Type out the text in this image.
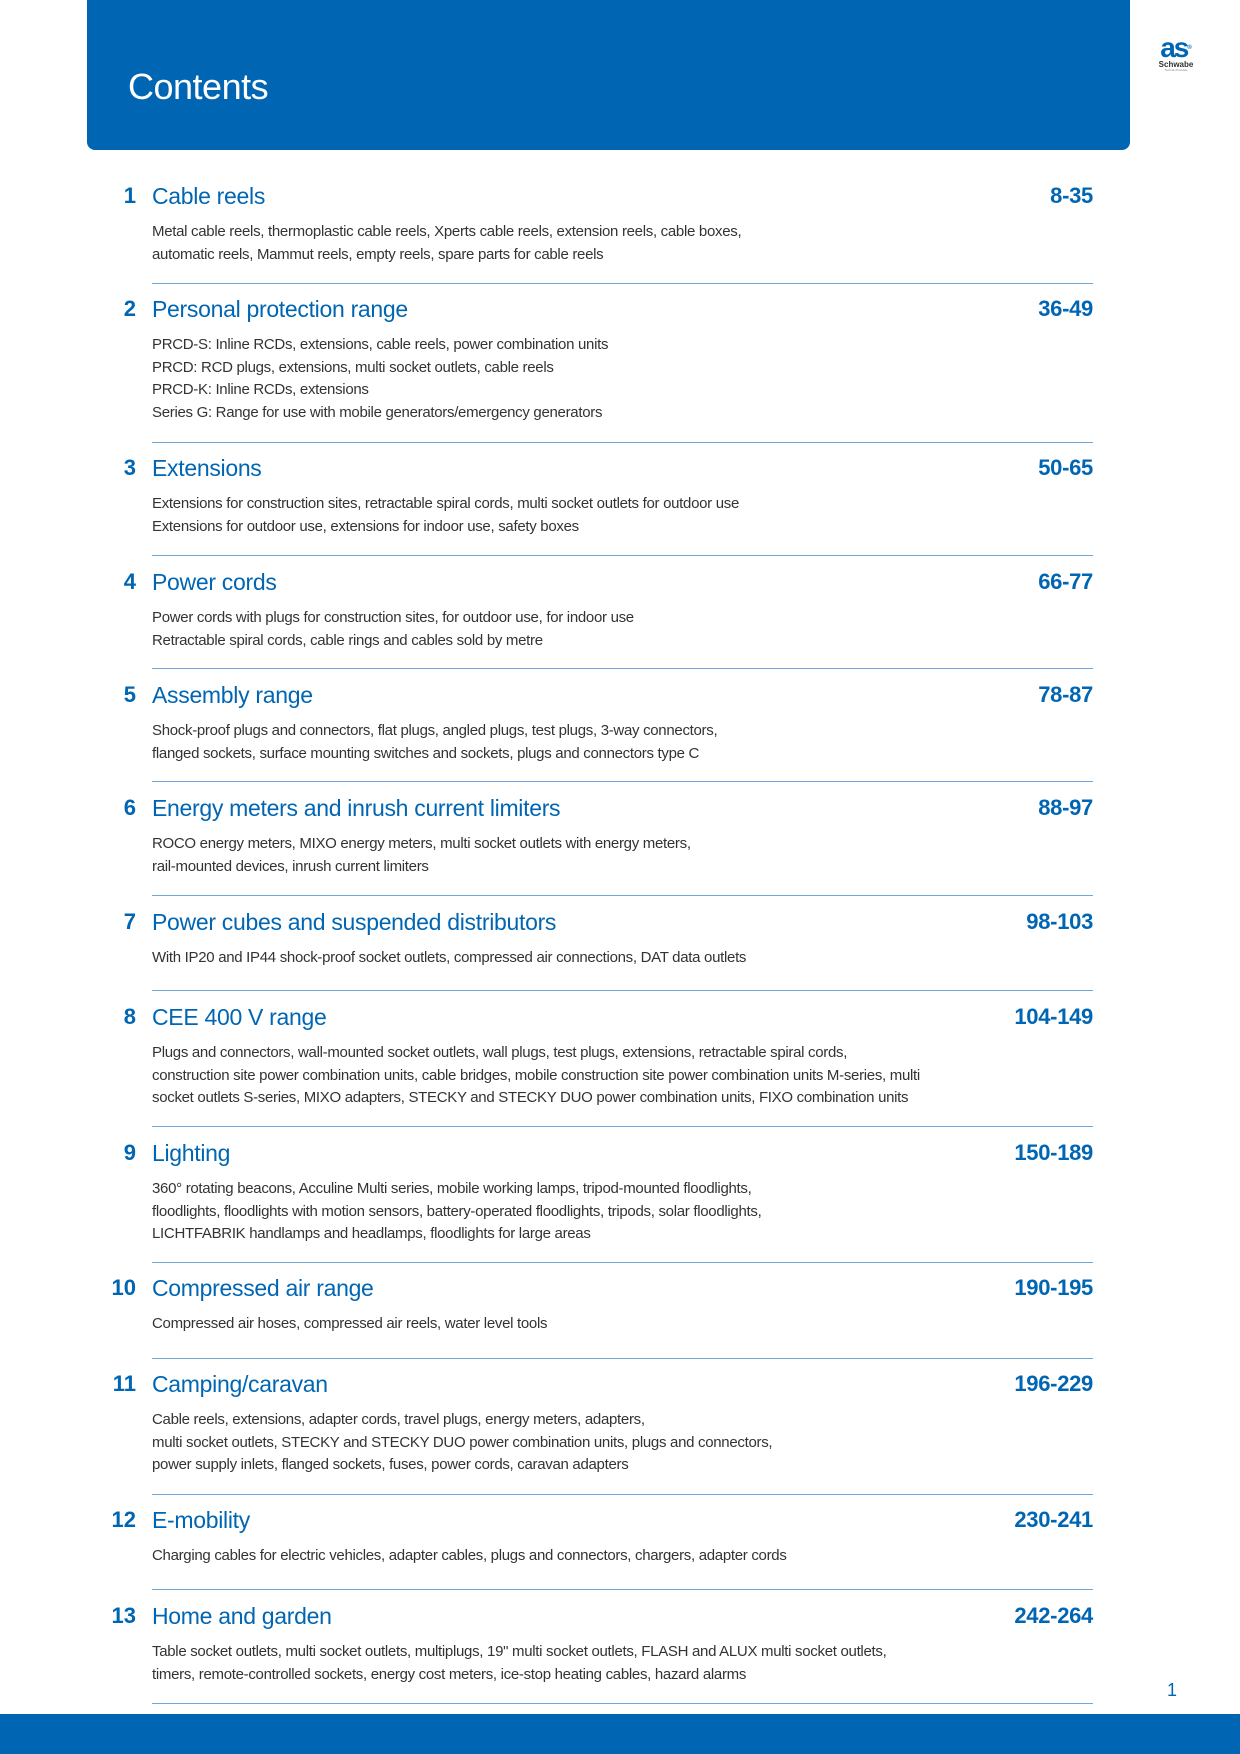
Contents
as®
Schwabe
Technik-Produkte
1 Cable reels	8-35
Metal cable reels, thermoplastic cable reels, Xperts cable reels, extension reels, cable boxes,
automatic reels, Mammut reels, empty reels, spare parts for cable reels
2 Personal protection range	36-49
PRCD-S: Inline RCDs, extensions, cable reels, power combination units
PRCD: RCD plugs, extensions, multi socket outlets, cable reels
PRCD-K: Inline RCDs, extensions
Series G: Range for use with mobile generators/emergency generators
3 Extensions	50-65
Extensions for construction sites, retractable spiral cords, multi socket outlets for outdoor use
Extensions for outdoor use, extensions for indoor use, safety boxes
4 Power cords	66-77
Power cords with plugs for construction sites, for outdoor use, for indoor use
Retractable spiral cords, cable rings and cables sold by metre
5 Assembly range	78-87
Shock-proof plugs and connectors, flat plugs, angled plugs, test plugs, 3-way connectors,
flanged sockets, surface mounting switches and sockets, plugs and connectors type C
6 Energy meters and inrush current limiters	88-97
ROCO energy meters, MIXO energy meters, multi socket outlets with energy meters,
rail-mounted devices, inrush current limiters
7 Power cubes and suspended distributors	98-103
With IP20 and IP44 shock-proof socket outlets, compressed air connections, DAT data outlets
8 CEE 400 V range	104-149
Plugs and connectors, wall-mounted socket outlets, wall plugs, test plugs, extensions, retractable spiral cords,
construction site power combination units, cable bridges, mobile construction site power combination units M-series, multi
socket outlets S-series, MIXO adapters, STECKY and STECKY DUO power combination units, FIXO combination units
9 Lighting	150-189
360° rotating beacons, Acculine Multi series, mobile working lamps, tripod-mounted floodlights,
floodlights, floodlights with motion sensors, battery-operated floodlights, tripods, solar floodlights,
LICHTFABRIK handlamps and headlamps, floodlights for large areas
10 Compressed air range	190-195
Compressed air hoses, compressed air reels, water level tools
11 Camping/caravan	196-229
Cable reels, extensions, adapter cords, travel plugs, energy meters, adapters,
multi socket outlets, STECKY and STECKY DUO power combination units, plugs and connectors,
power supply inlets, flanged sockets, fuses, power cords, caravan adapters
12 E-mobility	230-241
Charging cables for electric vehicles, adapter cables, plugs and connectors, chargers, adapter cords
13 Home and garden	242-264
Table socket outlets, multi socket outlets, multiplugs, 19" multi socket outlets, FLASH and ALUX multi socket outlets,
timers, remote-controlled sockets, energy cost meters, ice-stop heating cables, hazard alarms
1
